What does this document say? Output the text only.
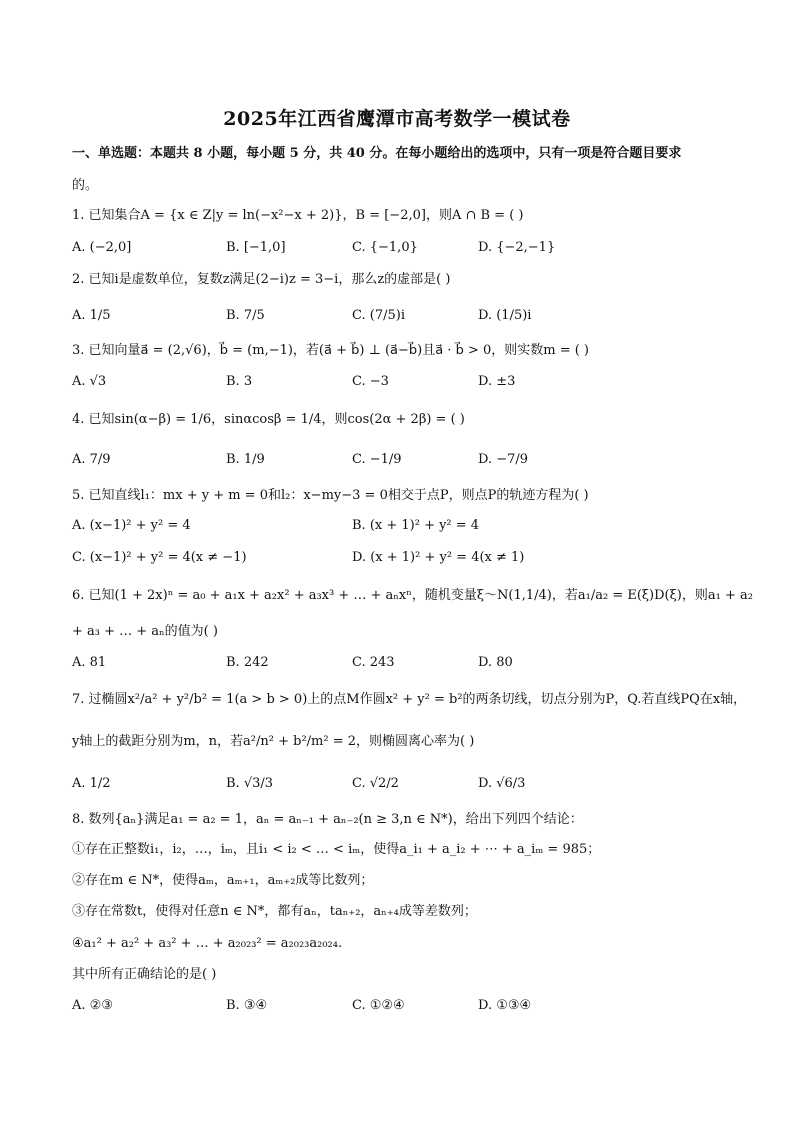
2025年江西省鹰潭市高考数学一模试卷
一、单选题：本题共 8 小题，每小题 5 分，共 40 分。在每小题给出的选项中，只有一项是符合题目要求
的。
1. 已知集合A = {x ∈ Z|y = ln(−x²−x + 2)}，B = [−2,0]，则A ∩ B = ( )
A. (−2,0]	B. [−1,0]	C. {−1,0}	D. {−2,−1}
2. 已知i是虚数单位，复数z满足(2−i)z = 3−i，那么z的虚部是( )
A. 1/5	B. 7/5	C. (7/5)i	D. (1/5)i
3. 已知向量a⃗ = (2,√6)，b⃗ = (m,−1)，若(a⃗ + b⃗) ⊥ (a⃗−b⃗)且a⃗ · b⃗ > 0，则实数m = ( )
A. √3	B. 3	C. −3	D. ±3
4. 已知sin(α−β) = 1/6，sinαcosβ = 1/4，则cos(2α + 2β) = ( )
A. 7/9	B. 1/9	C. −1/9	D. −7/9
5. 已知直线l₁：mx + y + m = 0和l₂：x−my−3 = 0相交于点P，则点P的轨迹方程为( )
A. (x−1)² + y² = 4	B. (x + 1)² + y² = 4
C. (x−1)² + y² = 4(x ≠ −1)	D. (x + 1)² + y² = 4(x ≠ 1)
6. 已知(1 + 2x)ⁿ = a₀ + a₁x + a₂x² + a₃x³ + … + aₙxⁿ，随机变量ξ～N(1,1/4)，若a₁/a₂ = E(ξ)D(ξ)，则a₁ + a₂
+ a₃ + … + aₙ的值为( )
A. 81	B. 242	C. 243	D. 80
7. 过椭圆x²/a² + y²/b² = 1(a > b > 0)上的点M作圆x² + y² = b²的两条切线，切点分别为P，Q.若直线PQ在x轴，
y轴上的截距分别为m，n，若a²/n² + b²/m² = 2，则椭圆离心率为( )
A. 1/2	B. √3/3	C. √2/2	D. √6/3
8. 数列{aₙ}满足a₁ = a₂ = 1，aₙ = aₙ₋₁ + aₙ₋₂(n ≥ 3,n ∈ N*)，给出下列四个结论：
①存在正整数i₁，i₂，…，iₘ，且i₁ < i₂ < … < iₘ，使得a_i₁ + a_i₂ + ⋯ + a_iₘ = 985；
②存在m ∈ N*，使得aₘ，aₘ₊₁，aₘ₊₂成等比数列；
③存在常数t，使得对任意n ∈ N*，都有aₙ，taₙ₊₂，aₙ₊₄成等差数列；
④a₁² + a₂² + a₃² + … + a₂₀₂₃² = a₂₀₂₃a₂₀₂₄.
其中所有正确结论的是( )
A. ②③	B. ③④	C. ①②④	D. ①③④
